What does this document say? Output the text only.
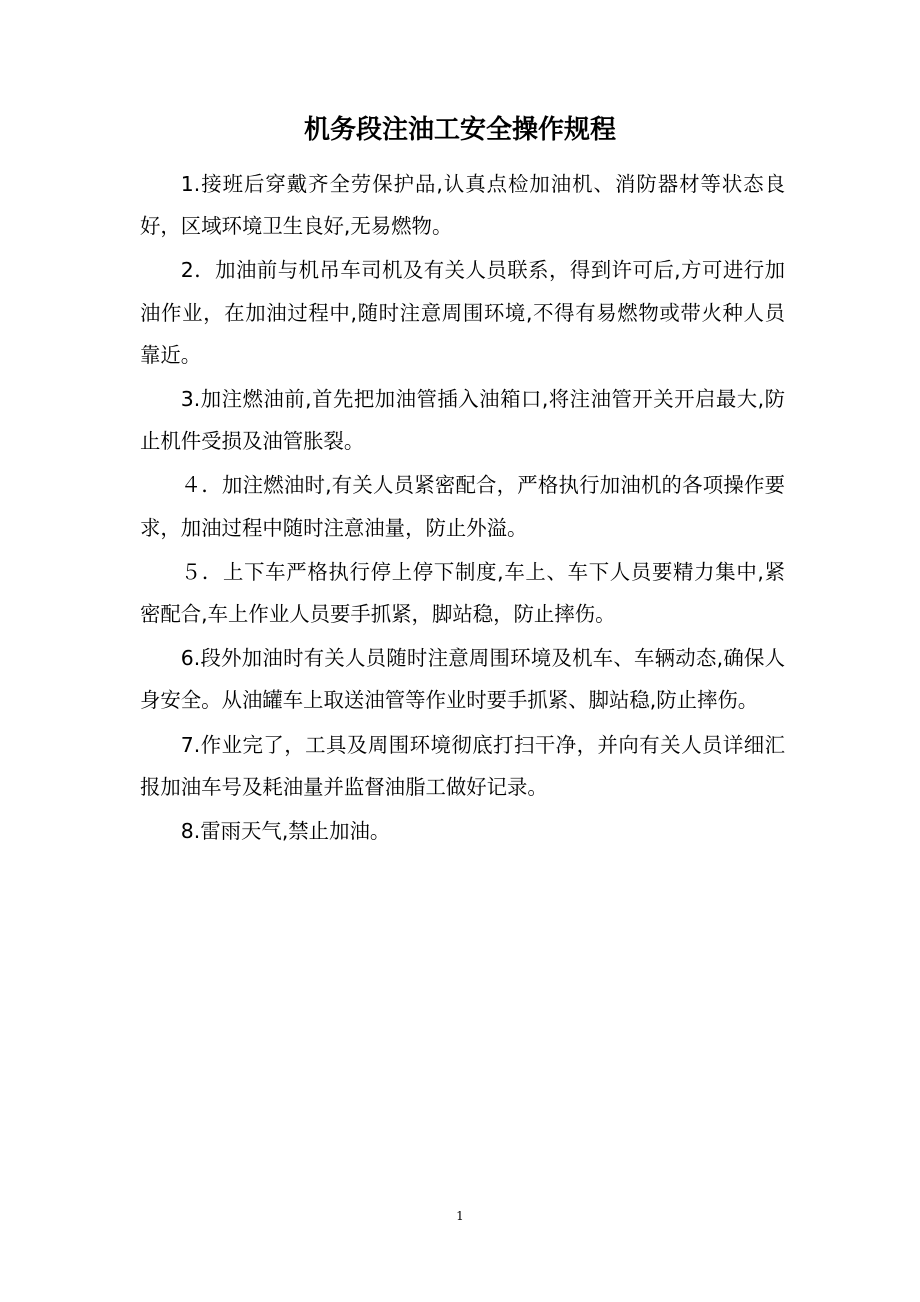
机务段注油工安全操作规程

1.接班后穿戴齐全劳保护品,认真点检加油机、消防器材等状态良好，区域环境卫生良好,无易燃物。

2．加油前与机吊车司机及有关人员联系，得到许可后,方可进行加油作业，在加油过程中,随时注意周围环境,不得有易燃物或带火种人员靠近。

3.加注燃油前,首先把加油管插入油箱口,将注油管开关开启最大,防止机件受损及油管胀裂。

４．加注燃油时,有关人员紧密配合，严格执行加油机的各项操作要求，加油过程中随时注意油量，防止外溢。

５．上下车严格执行停上停下制度,车上、车下人员要精力集中,紧密配合,车上作业人员要手抓紧，脚站稳，防止摔伤。

6.段外加油时有关人员随时注意周围环境及机车、车辆动态,确保人身安全。从油罐车上取送油管等作业时要手抓紧、脚站稳,防止摔伤。

7.作业完了，工具及周围环境彻底打扫干净，并向有关人员详细汇报加油车号及耗油量并监督油脂工做好记录。

8.雷雨天气,禁止加油。

1
